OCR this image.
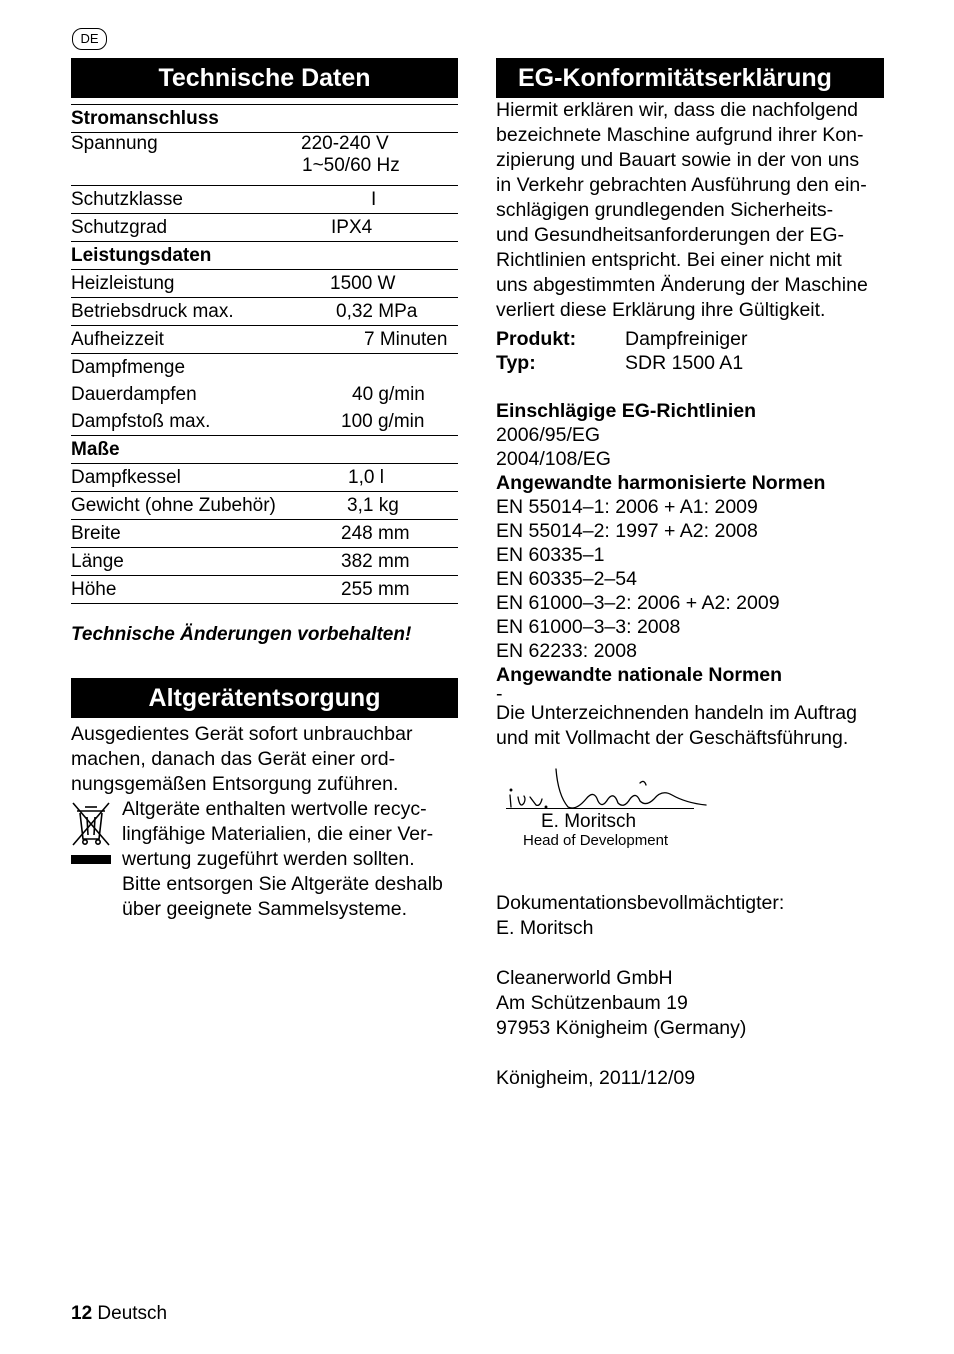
DE
Technische Daten
Stromanschluss	

Spannung	220-240 V
1~50/60 Hz

Schutzklasse	I

Schutzgrad	IPX4

Leistungsdaten	

Heizleistung	1500 W

Betriebsdruck max.	0,32 MPa

Aufheizzeit	7 Minuten

Dampfmenge	

Dauerdampfen	40 g/min

Dampfstoß max.	100 g/min

Maße	

Dampfkessel	1,0 l

Gewicht (ohne Zubehör)	3,1 kg

Breite	248 mm

Länge	382 mm

Höhe	255 mm
Technische Änderungen vorbehalten!
Altgerätentsorgung
Ausgedientes Gerät sofort unbrauchbar
machen, danach das Gerät einer ord-
nungsgemäßen Entsorgung zuführen.
Altgeräte enthalten wertvolle recyc-
lingfähige Materialien, die einer Ver-
wertung zugeführt werden sollten.
Bitte entsorgen Sie Altgeräte deshalb
über geeignete Sammelsysteme.
EG-Konformitätserklärung
Hiermit erklären wir, dass die nachfolgend
bezeichnete Maschine aufgrund ihrer Kon-
zipierung und Bauart sowie in der von uns
in Verkehr gebrachten Ausführung den ein-
schlägigen grundlegenden Sicherheits-
und Gesundheitsanforderungen der EG-
Richtlinien entspricht. Bei einer nicht mit
uns abgestimmten Änderung der Maschine
verliert diese Erklärung ihre Gültigkeit.
Produkt:	Dampfreiniger
Typ:	SDR 1500 A1
Einschlägige EG-Richtlinien
2006/95/EG
2004/108/EG
Angewandte harmonisierte Normen
EN 55014–1: 2006 + A1: 2009
EN 55014–2: 1997 + A2: 2008
EN 60335–1
EN 60335–2–54
EN 61000–3–2: 2006 + A2: 2009
EN 61000–3–3: 2008
EN 62233: 2008
Angewandte nationale Normen
-
Die Unterzeichnenden handeln im Auftrag
und mit Vollmacht der Geschäftsführung.
E. Moritsch
Head of Development
Dokumentationsbevollmächtigter:
E. Moritsch
Cleanerworld GmbH
Am Schützenbaum 19
97953 Königheim (Germany)
Königheim, 2011/12/09
12 Deutsch
